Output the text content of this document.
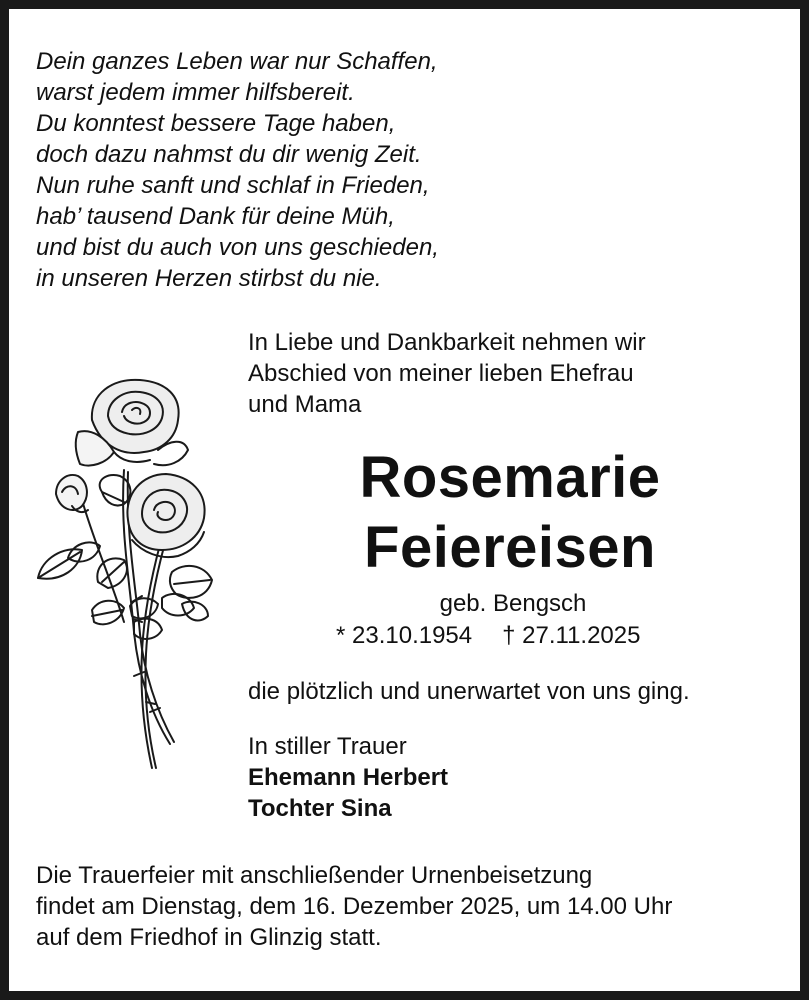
Dein ganzes Leben war nur Schaffen,
warst jedem immer hilfsbereit.
Du konntest bessere Tage haben,
doch dazu nahmst du dir wenig Zeit.
Nun ruhe sanft und schlaf in Frieden,
hab’ tausend Dank für deine Müh,
und bist du auch von uns geschieden,
in unseren Herzen stirbst du nie.
In Liebe und Dankbarkeit nehmen wir
Abschied von meiner lieben Ehefrau
und Mama
Rosemarie
Feiereisen
geb. Bengsch
* 23.10.1954 † 27.11.2025
die plötzlich und unerwartet von uns ging.
In stiller Trauer
Ehemann Herbert
Tochter Sina
Die Trauerfeier mit anschließender Urnenbeisetzung
findet am Dienstag, dem 16. Dezember 2025, um 14.00 Uhr
auf dem Friedhof in Glinzig statt.
